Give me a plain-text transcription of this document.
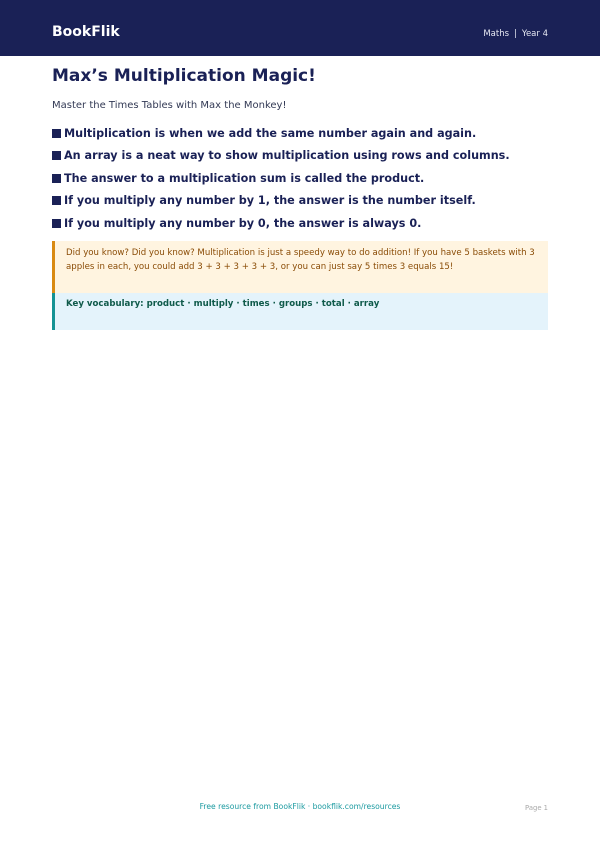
BookFlik	Maths | Year 4
Max’s Multiplication Magic!

Master the Times Tables with Max the Monkey!

Multiplication is when we add the same number again and again.
An array is a neat way to show multiplication using rows and columns.
The answer to a multiplication sum is called the product.
If you multiply any number by 1, the answer is the number itself.
If you multiply any number by 0, the answer is always 0.
Did you know? Did you know? Multiplication is just a speedy way to do addition! If you have 5 baskets with 3 apples in each, you could add 3 + 3 + 3 + 3 + 3, or you can just say 5 times 3 equals 15!
Key vocabulary: product · multiply · times · groups · total · array
Free resource from BookFlik · bookflik.com/resources	Page 1
